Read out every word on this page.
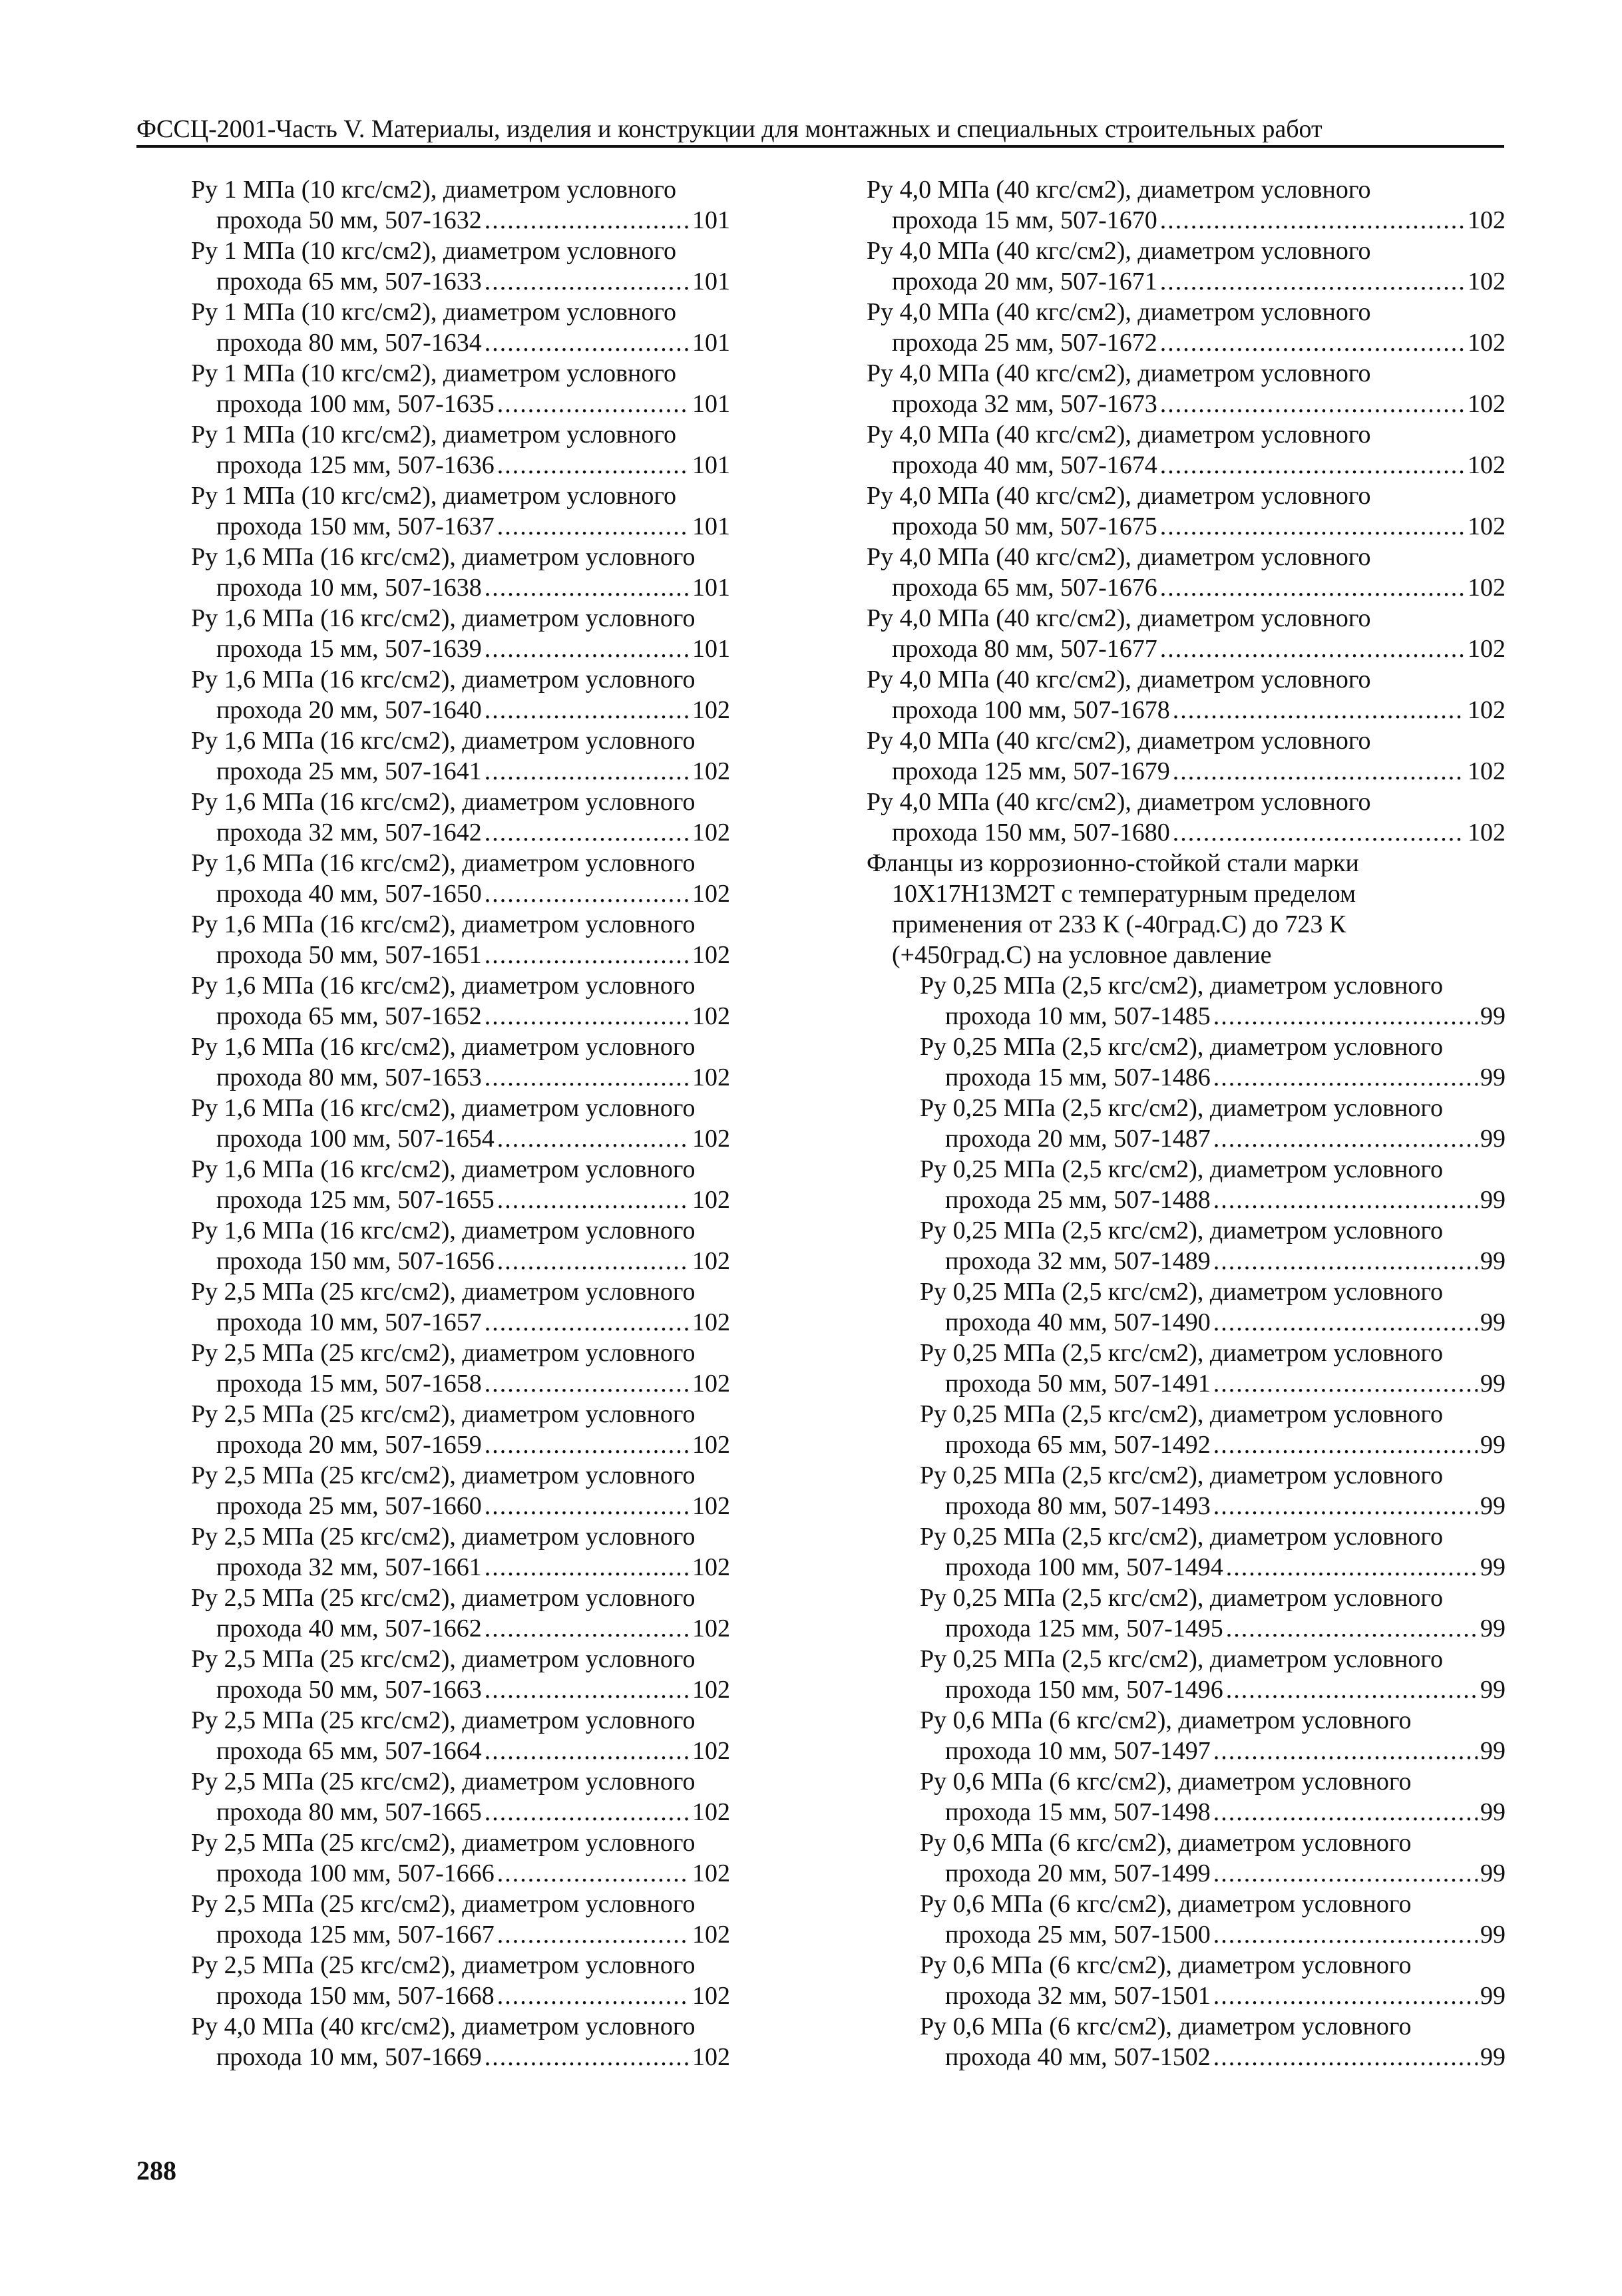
ФССЦ-2001-Часть V. Материалы, изделия и конструкции для монтажных и специальных строительных работ
Ру 1 МПа (10 кгс/см2), диаметром условного
прохода 50 мм, 507-1632 .....	101
Ру 1 МПа (10 кгс/см2), диаметром условного
прохода 65 мм, 507-1633 .....	101
Ру 1 МПа (10 кгс/см2), диаметром условного
прохода 80 мм, 507-1634 .....	101
Ру 1 МПа (10 кгс/см2), диаметром условного
прохода 100 мм, 507-1635 .....	101
Ру 1 МПа (10 кгс/см2), диаметром условного
прохода 125 мм, 507-1636 .....	101
Ру 1 МПа (10 кгс/см2), диаметром условного
прохода 150 мм, 507-1637 .....	101
Ру 1,6 МПа (16 кгс/см2), диаметром условного
прохода 10 мм, 507-1638 .....	101
Ру 1,6 МПа (16 кгс/см2), диаметром условного
прохода 15 мм, 507-1639 .....	101
Ру 1,6 МПа (16 кгс/см2), диаметром условного
прохода 20 мм, 507-1640 .....	102
Ру 1,6 МПа (16 кгс/см2), диаметром условного
прохода 25 мм, 507-1641 .....	102
Ру 1,6 МПа (16 кгс/см2), диаметром условного
прохода 32 мм, 507-1642 .....	102
Ру 1,6 МПа (16 кгс/см2), диаметром условного
прохода 40 мм, 507-1650 .....	102
Ру 1,6 МПа (16 кгс/см2), диаметром условного
прохода 50 мм, 507-1651 .....	102
Ру 1,6 МПа (16 кгс/см2), диаметром условного
прохода 65 мм, 507-1652 .....	102
Ру 1,6 МПа (16 кгс/см2), диаметром условного
прохода 80 мм, 507-1653 .....	102
Ру 1,6 МПа (16 кгс/см2), диаметром условного
прохода 100 мм, 507-1654 .....	102
Ру 1,6 МПа (16 кгс/см2), диаметром условного
прохода 125 мм, 507-1655 .....	102
Ру 1,6 МПа (16 кгс/см2), диаметром условного
прохода 150 мм, 507-1656 .....	102
Ру 2,5 МПа (25 кгс/см2), диаметром условного
прохода 10 мм, 507-1657 .....	102
Ру 2,5 МПа (25 кгс/см2), диаметром условного
прохода 15 мм, 507-1658 .....	102
Ру 2,5 МПа (25 кгс/см2), диаметром условного
прохода 20 мм, 507-1659 .....	102
Ру 2,5 МПа (25 кгс/см2), диаметром условного
прохода 25 мм, 507-1660 .....	102
Ру 2,5 МПа (25 кгс/см2), диаметром условного
прохода 32 мм, 507-1661 .....	102
Ру 2,5 МПа (25 кгс/см2), диаметром условного
прохода 40 мм, 507-1662 .....	102
Ру 2,5 МПа (25 кгс/см2), диаметром условного
прохода 50 мм, 507-1663 .....	102
Ру 2,5 МПа (25 кгс/см2), диаметром условного
прохода 65 мм, 507-1664 .....	102
Ру 2,5 МПа (25 кгс/см2), диаметром условного
прохода 80 мм, 507-1665 .....	102
Ру 2,5 МПа (25 кгс/см2), диаметром условного
прохода 100 мм, 507-1666 .....	102
Ру 2,5 МПа (25 кгс/см2), диаметром условного
прохода 125 мм, 507-1667 .....	102
Ру 2,5 МПа (25 кгс/см2), диаметром условного
прохода 150 мм, 507-1668 .....	102
Ру 4,0 МПа (40 кгс/см2), диаметром условного
прохода 10 мм, 507-1669 .....	102
Ру 4,0 МПа (40 кгс/см2), диаметром условного
прохода 15 мм, 507-1670 .....	102
Ру 4,0 МПа (40 кгс/см2), диаметром условного
прохода 20 мм, 507-1671 .....	102
Ру 4,0 МПа (40 кгс/см2), диаметром условного
прохода 25 мм, 507-1672 .....	102
Ру 4,0 МПа (40 кгс/см2), диаметром условного
прохода 32 мм, 507-1673 .....	102
Ру 4,0 МПа (40 кгс/см2), диаметром условного
прохода 40 мм, 507-1674 .....	102
Ру 4,0 МПа (40 кгс/см2), диаметром условного
прохода 50 мм, 507-1675 .....	102
Ру 4,0 МПа (40 кгс/см2), диаметром условного
прохода 65 мм, 507-1676 .....	102
Ру 4,0 МПа (40 кгс/см2), диаметром условного
прохода 80 мм, 507-1677 .....	102
Ру 4,0 МПа (40 кгс/см2), диаметром условного
прохода 100 мм, 507-1678 .....	102
Ру 4,0 МПа (40 кгс/см2), диаметром условного
прохода 125 мм, 507-1679 .....	102
Ру 4,0 МПа (40 кгс/см2), диаметром условного
прохода 150 мм, 507-1680 .....	102
Фланцы из коррозионно-стойкой стали марки
10Х17Н13М2Т с температурным пределом
применения от 233 К (-40град.С) до 723 К
(+450град.С) на условное давление
Ру 0,25 МПа (2,5 кгс/см2), диаметром условного
прохода 10 мм, 507-1485 .....	99
Ру 0,25 МПа (2,5 кгс/см2), диаметром условного
прохода 15 мм, 507-1486 .....	99
Ру 0,25 МПа (2,5 кгс/см2), диаметром условного
прохода 20 мм, 507-1487 .....	99
Ру 0,25 МПа (2,5 кгс/см2), диаметром условного
прохода 25 мм, 507-1488 .....	99
Ру 0,25 МПа (2,5 кгс/см2), диаметром условного
прохода 32 мм, 507-1489 .....	99
Ру 0,25 МПа (2,5 кгс/см2), диаметром условного
прохода 40 мм, 507-1490 .....	99
Ру 0,25 МПа (2,5 кгс/см2), диаметром условного
прохода 50 мм, 507-1491 .....	99
Ру 0,25 МПа (2,5 кгс/см2), диаметром условного
прохода 65 мм, 507-1492 .....	99
Ру 0,25 МПа (2,5 кгс/см2), диаметром условного
прохода 80 мм, 507-1493 .....	99
Ру 0,25 МПа (2,5 кгс/см2), диаметром условного
прохода 100 мм, 507-1494 .....	99
Ру 0,25 МПа (2,5 кгс/см2), диаметром условного
прохода 125 мм, 507-1495 .....	99
Ру 0,25 МПа (2,5 кгс/см2), диаметром условного
прохода 150 мм, 507-1496 .....	99
Ру 0,6 МПа (6 кгс/см2), диаметром условного
прохода 10 мм, 507-1497 .....	99
Ру 0,6 МПа (6 кгс/см2), диаметром условного
прохода 15 мм, 507-1498 .....	99
Ру 0,6 МПа (6 кгс/см2), диаметром условного
прохода 20 мм, 507-1499 .....	99
Ру 0,6 МПа (6 кгс/см2), диаметром условного
прохода 25 мм, 507-1500 .....	99
Ру 0,6 МПа (6 кгс/см2), диаметром условного
прохода 32 мм, 507-1501 .....	99
Ру 0,6 МПа (6 кгс/см2), диаметром условного
прохода 40 мм, 507-1502 .....	99
288
